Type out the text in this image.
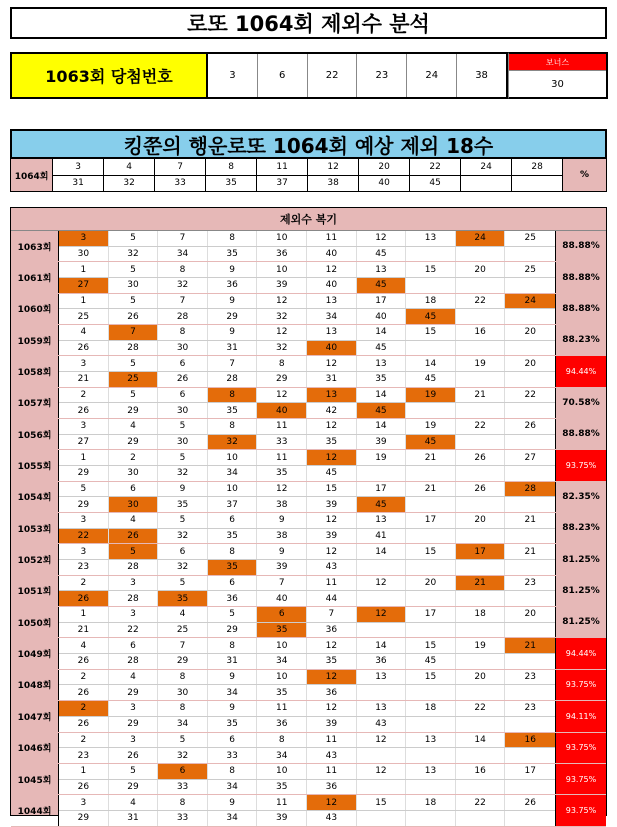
로또 1064회 제외수 분석
1063회 당첨번호	3	6	22	23	24	38
보너스
30
킹쭌의 행운로또 1064회 예상 제외 18수
1064회
3	4	7	8	11	12	20	22	24	28
31	32	33	35	37	38	40	45
%
제외수 복기
1063회
3	5	7	8	10	11	12	13	24	25
30	32	34	35	36	40	45
88.88%
1061회
1	5	8	9	10	12	13	15	20	25
27	30	32	36	39	40	45
88.88%
1060회
1	5	7	9	12	13	17	18	22	24
25	26	28	29	32	34	40	45
88.88%
1059회
4	7	8	9	12	13	14	15	16	20
26	28	30	31	32	40	45
88.23%
1058회
3	5	6	7	8	12	13	14	19	20
21	25	26	28	29	31	35	45
94.44%
1057회
2	5	6	8	12	13	14	19	21	22
26	29	30	35	40	42	45
70.58%
1056회
3	4	5	8	11	12	14	19	22	26
27	29	30	32	33	35	39	45
88.88%
1055회
1	2	5	10	11	12	19	21	26	27
29	30	32	34	35	45
93.75%
1054회
5	6	9	10	12	15	17	21	26	28
29	30	35	37	38	39	45
82.35%
1053회
3	4	5	6	9	12	13	17	20	21
22	26	32	35	38	39	41
88.23%
1052회
3	5	6	8	9	12	14	15	17	21
23	28	32	35	39	43
81.25%
1051회
2	3	5	6	7	11	12	20	21	23
26	28	35	36	40	44
81.25%
1050회
1	3	4	5	6	7	12	17	18	20
21	22	25	29	35	36
81.25%
1049회
4	6	7	8	10	12	14	15	19	21
26	28	29	31	34	35	36	45
94.44%
1048회
2	4	8	9	10	12	13	15	20	23
26	29	30	34	35	36
93.75%
1047회
2	3	8	9	11	12	13	18	22	23
26	29	34	35	36	39	43
94.11%
1046회
2	3	5	6	8	11	12	13	14	16
23	26	32	33	34	43
93.75%
1045회
1	5	6	8	10	11	12	13	16	17
26	29	33	34	35	36
93.75%
1044회
3	4	8	9	11	12	15	18	22	26
29	31	33	34	39	43
93.75%
